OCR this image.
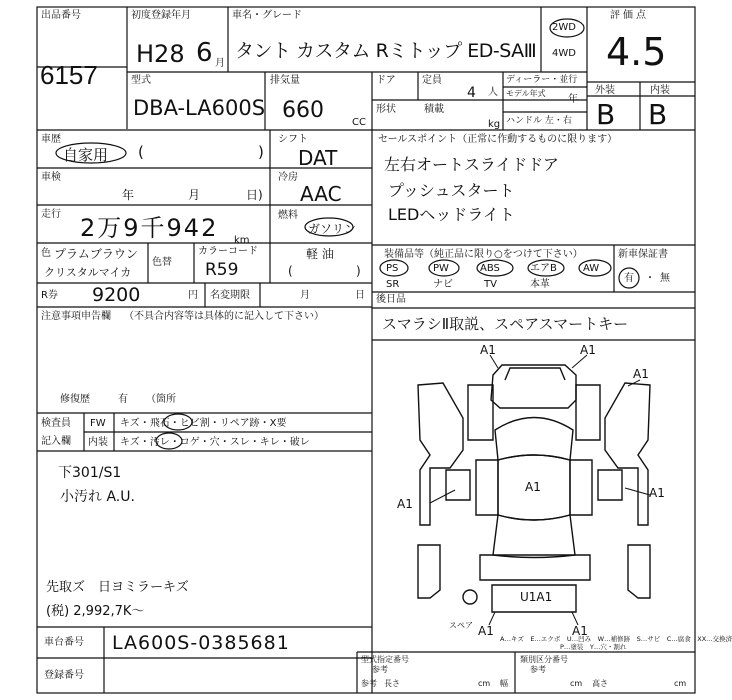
出品番号
6157
初度登録年月
H28 6 月
車名・グレード
タント カスタム Rミトップ ED-SAⅢ
2WD
4WD
評価点
4.5
型式
DBA-LA600S
排気量
660	CC
ドア	定員
4 人
ディーラー・並行
モデル年式
年
形状	積載
kg ハンドル 左・右
外装	内装
B B
車歴
自家用 (	)
シフト
DAT
車検
年	月	日)
冷房
AAC
走行 2万9千942 km
燃料
ガソリン
軽 油
(	)
色 プラムブラウン
クリスタルマイカ
色替
カラーコード
R59
R券 9200	円 名変期限	月	日
注意事項申告欄 （不具合内容等は具体的に記入して下さい）
修復歴	有 （箇所
検査員
記入欄
FW キズ・飛石・ヒビ割・リペア跡・X要
内装 キズ・汚レ・コゲ・穴・スレ・キレ・破レ
下301/S1
小汚れ A.U.
先取ズ　日ヨミラーキズ
(税) 2,992,7K～
車台番号 LA600S-0385681
登録番号
セールスポイント（正常に作動するものに限ります）
左右オートスライドドア
プッシュスタート
LEDヘッドライト
装備品等（純正品に限り○をつけて下さい）
PS	PW	ABS	エアB	AW
SR	ナビ	TV	本革
新車保証書
有 ・ 無
後日品
スマラシⅡ取説、スペアスマートキー
A1	A1
A1
A1
A1	A1
U1A1
A1	A1
スペア
A…キズ　E…エクボ　U…凹み　W…補修跡　S…サビ　C…腐食　XX…交換済
P…塗装　Y…穴・割れ
型式指定番号
参考
類別区分番号
参考
参考 長さ	cm 幅	cm 高さ	cm
